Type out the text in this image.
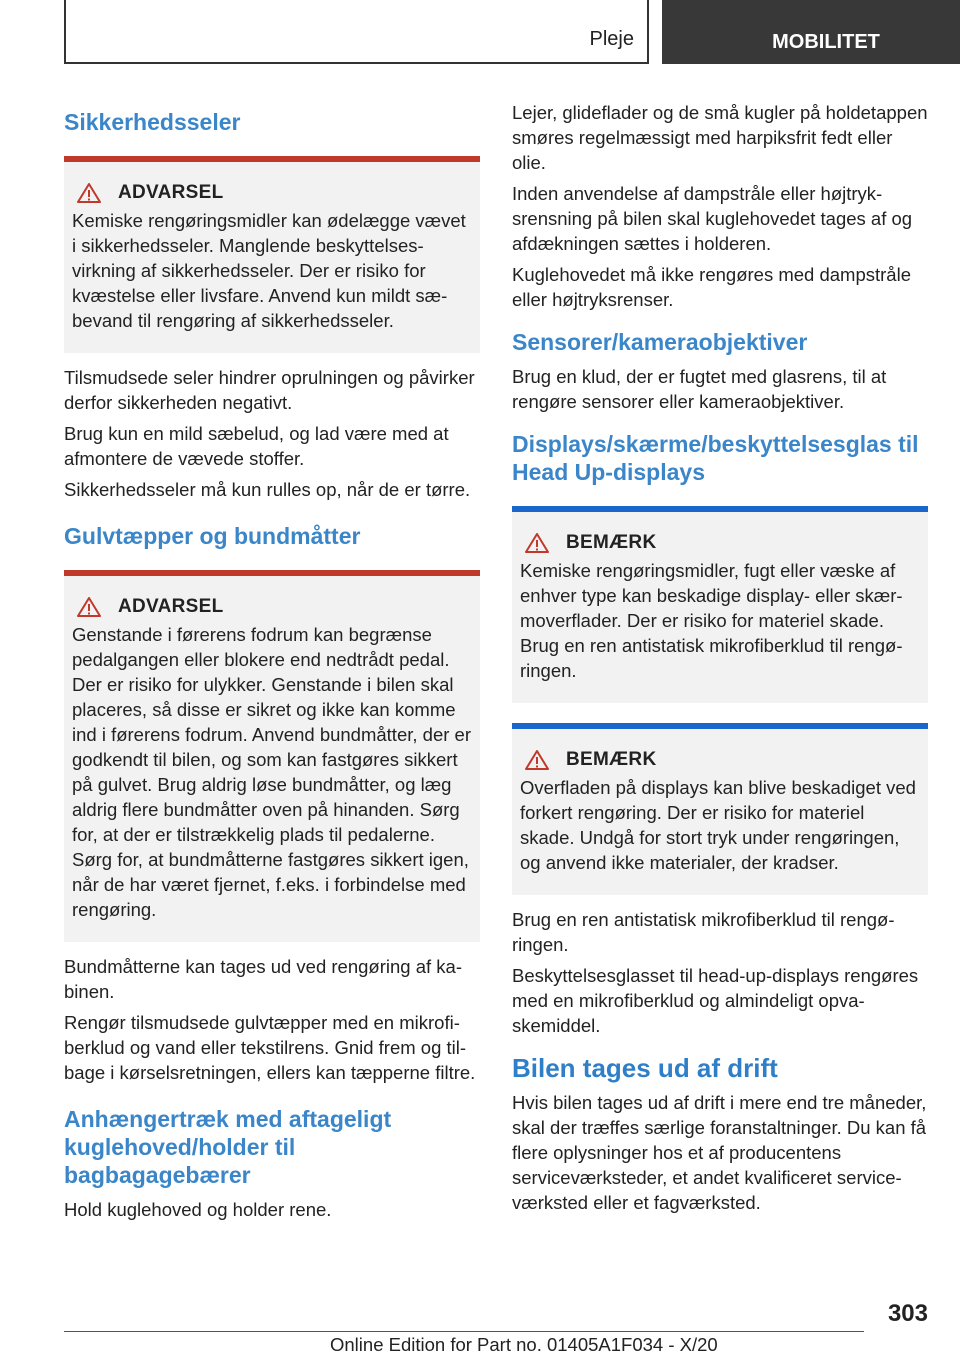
Pleje	MOBILITET
Sikkerhedsseler
ADVARSEL

Kemiske rengøringsmidler kan ødelægge vævet i sikkerhedsseler. Manglende beskyttelsesvirkning af sikkerhedsseler. Der er risiko for kvæstelse eller livsfare. Anvend kun mildt sæbevand til rengøring af sikkerhedsseler.

Tilsmudsede seler hindrer oprulningen og påvirker derfor sikkerheden negativt.

Brug kun en mild sæbelud, og lad være med at afmontere de vævede stoffer.

Sikkerhedsseler må kun rulles op, når de er tørre.

Gulvtæpper og bundmåtter
ADVARSEL

Genstande i førerens fodrum kan begrænse pedalgangen eller blokere end nedtrådt pedal. Der er risiko for ulykker. Genstande i bilen skal placeres, så disse er sikret og ikke kan komme ind i førerens fodrum. Anvend bundmåtter, der er godkendt til bilen, og som kan fastgøres sikkert på gulvet. Brug aldrig løse bundmåtter, og læg aldrig flere bundmåtter oven på hinanden. Sørg for, at der er tilstrækkelig plads til pedalerne. Sørg for, at bundmåtterne fastgøres sikkert igen, når de har været fjernet, f.eks. i forbindelse med rengøring.

Bundmåtterne kan tages ud ved rengøring af kabinen.

Rengør tilsmudsede gulvtæpper med en mikrofiberklud og vand eller tekstilrens. Gnid frem og tilbage i kørselsretningen, ellers kan tæpperne filtre.

Anhængertræk med aftageligt kuglehoved/holder til bagbagagebærer

Hold kuglehoved og holder rene.

Lejer, glideflader og de små kugler på holdetappen smøres regelmæssigt med harpiksfrit fedt eller olie.

Inden anvendelse af dampstråle eller højtryksrensning på bilen skal kuglehovedet tages af og afdækningen sættes i holderen.

Kuglehovedet må ikke rengøres med dampstråle eller højtryksrenser.

Sensorer/kameraobjektiver

Brug en klud, der er fugtet med glasrens, til at rengøre sensorer eller kameraobjektiver.

Displays/skærme/beskyttelsesglas til Head Up-displays
BEMÆRK

Kemiske rengøringsmidler, fugt eller væske af enhver type kan beskadige display- eller skærmoverflader. Der er risiko for materiel skade. Brug en ren antistatisk mikrofiberklud til rengøringen.

BEMÆRK

Overfladen på displays kan blive beskadiget ved forkert rengøring. Der er risiko for materiel skade. Undgå for stort tryk under rengøringen, og anvend ikke materialer, der kradser.

Brug en ren antistatisk mikrofiberklud til rengøringen.

Beskyttelsesglasset til head-up-displays rengøres med en mikrofiberklud og almindeligt opvaskemiddel.

Bilen tages ud af drift

Hvis bilen tages ud af drift i mere end tre måneder, skal der træffes særlige foranstaltninger. Du kan få flere oplysninger hos et af producentens serviceværksteder, et andet kvalificeret serviceværksted eller et fagværksted.

303
Online Edition for Part no. 01405A1F034 - X/20
